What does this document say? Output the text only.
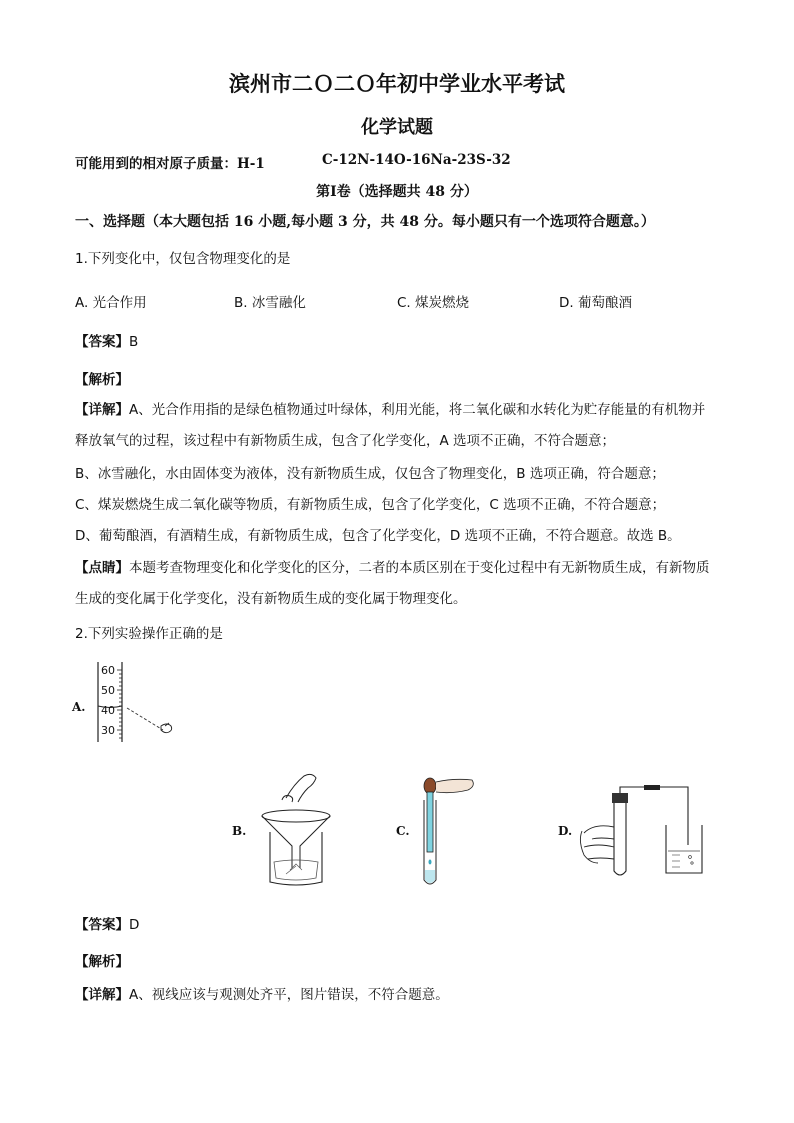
滨州市二Ｏ二Ｏ年初中学业水平考试
化学试题
可能用到的相对原子质量：H-1	C-12N-14O-16Na-23S-32
第Ⅰ卷（选择题共 48 分）
一、选择题（本大题包括 16 小题,每小题 3 分，共 48 分。每小题只有一个选项符合题意。）
1.下列变化中，仅包含物理变化的是
A. 光合作用	B. 冰雪融化	C. 煤炭燃烧	D. 葡萄酿酒
【答案】B
【解析】
【详解】A、光合作用指的是绿色植物通过叶绿体，利用光能，将二氧化碳和水转化为贮存能量的有机物并释放氧气的过程，该过程中有新物质生成，包含了化学变化，A 选项不正确，不符合题意；
B、冰雪融化，水由固体变为液体，没有新物质生成，仅包含了物理变化，B 选项正确，符合题意；
C、煤炭燃烧生成二氧化碳等物质，有新物质生成，包含了化学变化，C 选项不正确，不符合题意；
D、葡萄酿酒，有酒精生成，有新物质生成，包含了化学变化，D 选项不正确，不符合题意。故选 B。
【点睛】本题考查物理变化和化学变化的区分，二者的本质区别在于变化过程中有无新物质生成，有新物质生成的变化属于化学变化，没有新物质生成的变化属于物理变化。
2.下列实验操作正确的是
A.
60
50
40
30
B.	C.	D.
【答案】D
【解析】
【详解】A、视线应该与观测处齐平，图片错误，不符合题意。
